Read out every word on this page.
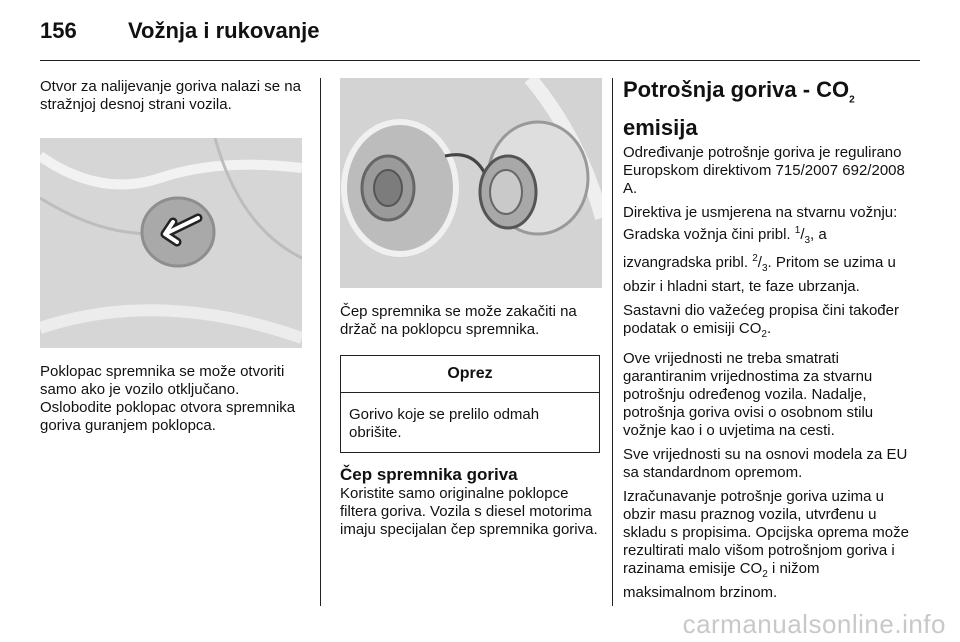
156 Vožnja i rukovanje

Otvor za nalijevanje goriva nalazi se na stražnjoj desnoj strani vozila.

Poklopac spremnika se može otvoriti samo ako je vozilo otključano. Oslobodite poklopac otvora spremnika goriva guranjem poklopca.

Čep spremnika se može zakačiti na držač na poklopcu spremnika.

Oprez
Gorivo koje se prelilo odmah obrišite.
Čep spremnika goriva

Koristite samo originalne poklopce filtera goriva. Vozila s diesel motorima imaju specijalan čep spremnika goriva.

Potrošnja goriva - $CO_2$
emisija

Određivanje potrošnje goriva je regulirano Europskom direktivom 715/2007 692/2008 A.

Direktiva je usmjerena na stvarnu vožnju: Gradska vožnja čini pribl. $^1/_3$, a izvangradska pribl. $^2/_3$. Pritom se uzima u obzir i hladni start, te faze ubrzanja.

Sastavni dio važećeg propisa čini također podatak o emisiji $CO_2$.

Ove vrijednosti ne treba smatrati garantiranim vrijednostima za stvarnu potrošnju određenog vozila. Nadalje, potrošnja goriva ovisi o osobnom stilu vožnje kao i o uvjetima na cesti.

Sve vrijednosti su na osnovi modela za EU sa standardnom opremom.

Izračunavanje potrošnje goriva uzima u obzir masu praznog vozila, utvrđenu u skladu s propisima. Opcijska oprema može rezultirati malo višom potrošnjom goriva i razinama emisije $CO_2$ i nižom maksimalnom brzinom.

carmanualsonline.info
